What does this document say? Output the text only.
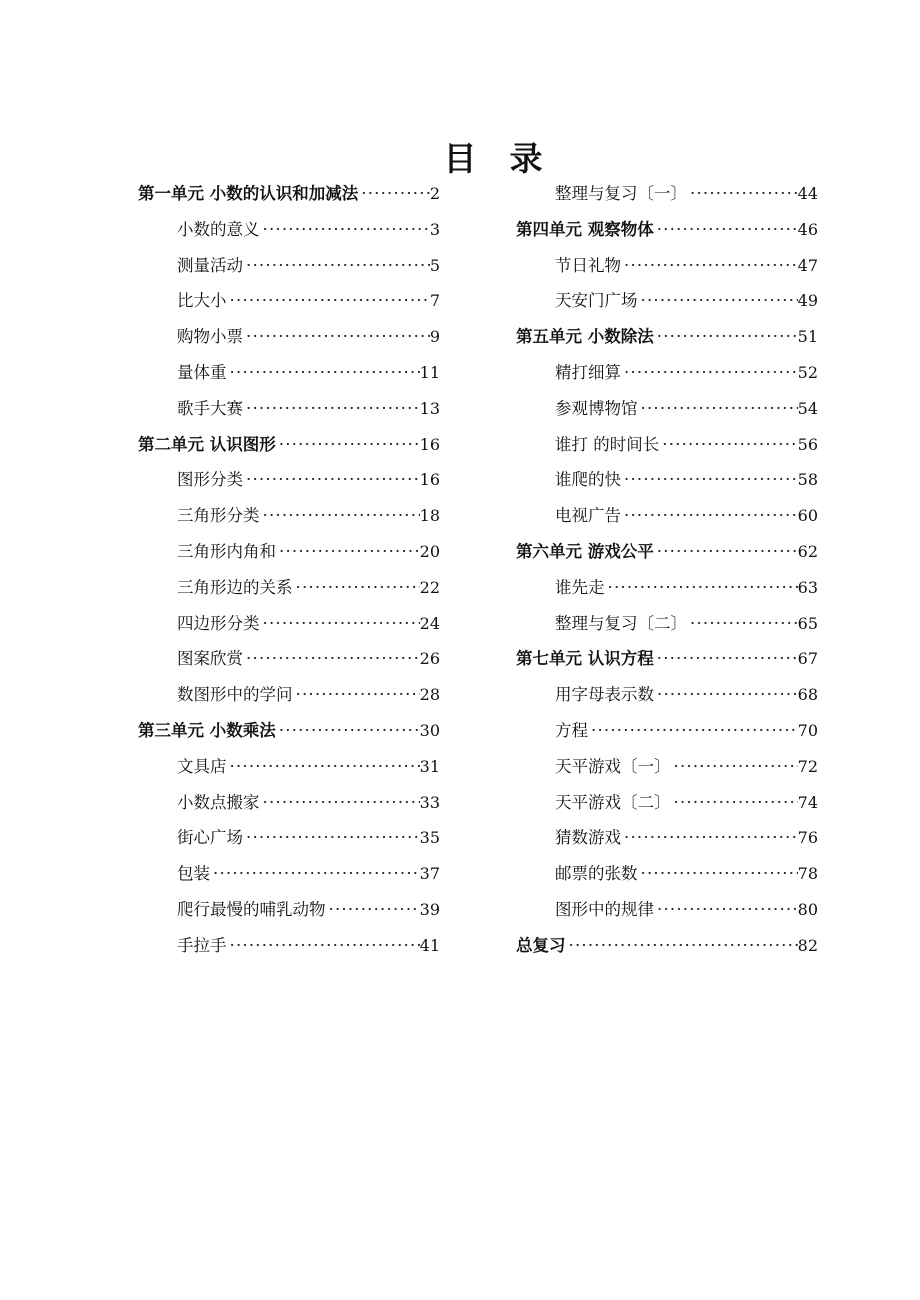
目　录
第一单元 小数的认识和加减法 ·····	2
小数的意义 ·····	3
测量活动 ·····	5
比大小 ·····	7
购物小票 ·····	9
量体重 ·····	11
歌手大赛 ·····	13
第二单元 认识图形 ·····	16
图形分类 ·····	16
三角形分类 ·····	18
三角形内角和 ·····	20
三角形边的关系 ·····	22
四边形分类 ·····	24
图案欣赏 ·····	26
数图形中的学问 ·····	28
第三单元 小数乘法 ·····	30
文具店 ·····	31
小数点搬家 ·····	33
街心广场 ·····	35
包装 ·····	37
爬行最慢的哺乳动物 ·····	39
手拉手 ·····	41
整理与复习〔一〕 ·····	44
第四单元 观察物体 ·····	46
节日礼物 ·····	47
天安门广场 ·····	49
第五单元 小数除法 ·····	51
精打细算 ·····	52
参观博物馆 ·····	54
谁打 的时间长 ·····	56
谁爬的快 ·····	58
电视广告 ·····	60
第六单元 游戏公平 ·····	62
谁先走 ·····	63
整理与复习〔二〕 ·····	65
第七单元 认识方程 ·····	67
用字母表示数 ·····	68
方程 ·····	70
天平游戏〔一〕 ·····	72
天平游戏〔二〕 ·····	74
猜数游戏 ·····	76
邮票的张数 ·····	78
图形中的规律 ·····	80
总复习 ·····	82
